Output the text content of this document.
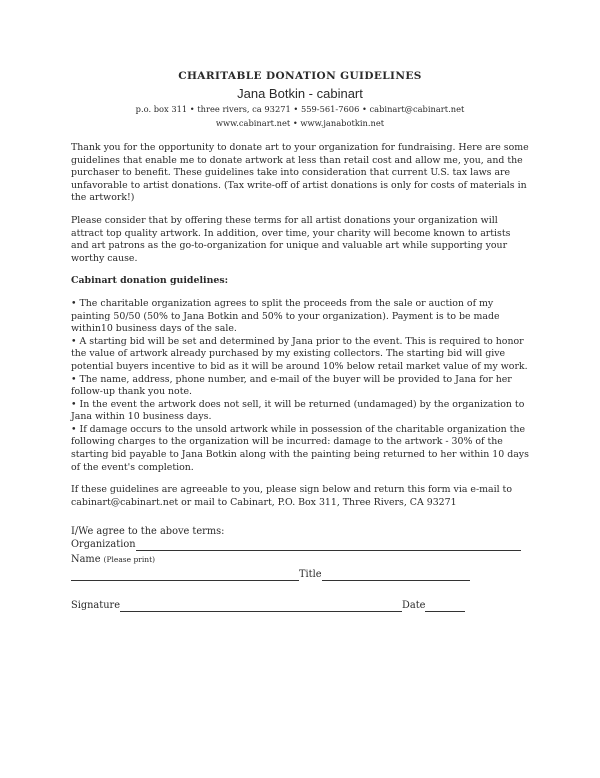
CHARITABLE DONATION GUIDELINES
Jana Botkin - cabinart
p.o. box 311 • three rivers, ca 93271 • 559-561-7606 • cabinart@cabinart.net
www.cabinart.net • www.janabotkin.net

Thank you for the opportunity to donate art to your organization for fundraising. Here are some guidelines that enable me to donate artwork at less than retail cost and allow me, you, and the purchaser to benefit. These guidelines take into consideration that current U.S. tax laws are unfavorable to artist donations. (Tax write-off of artist donations is only for costs of materials in the artwork!)

Please consider that by offering these terms for all artist donations your organization will attract top quality artwork. In addition, over time, your charity will become known to artists and art patrons as the go-to-organization for unique and valuable art while supporting your worthy cause.

Cabinart donation guidelines:
• The charitable organization agrees to split the proceeds from the sale or auction of my painting 50/50 (50% to Jana Botkin and 50% to your organization). Payment is to be made within10 business days of the sale.
• A starting bid will be set and determined by Jana prior to the event. This is required to honor the value of artwork already purchased by my existing collectors. The starting bid will give potential buyers incentive to bid as it will be around 10% below retail market value of my work.
• The name, address, phone number, and e-mail of the buyer will be provided to Jana for her follow-up thank you note.
• In the event the artwork does not sell, it will be returned (undamaged) by the organization to Jana within 10 business days.
• If damage occurs to the unsold artwork while in possession of the charitable organization the following charges to the organization will be incurred: damage to the artwork - 30% of the starting bid payable to Jana Botkin along with the painting being returned to her within 10 days of the event's completion.

If these guidelines are agreeable to you, please sign below and return this form via e-mail to cabinart@cabinart.net or mail to Cabinart, P.O. Box 311, Three Rivers, CA 93271

I/We agree to the above terms:
Organization
Name (Please print)
Title
Signature	Date
